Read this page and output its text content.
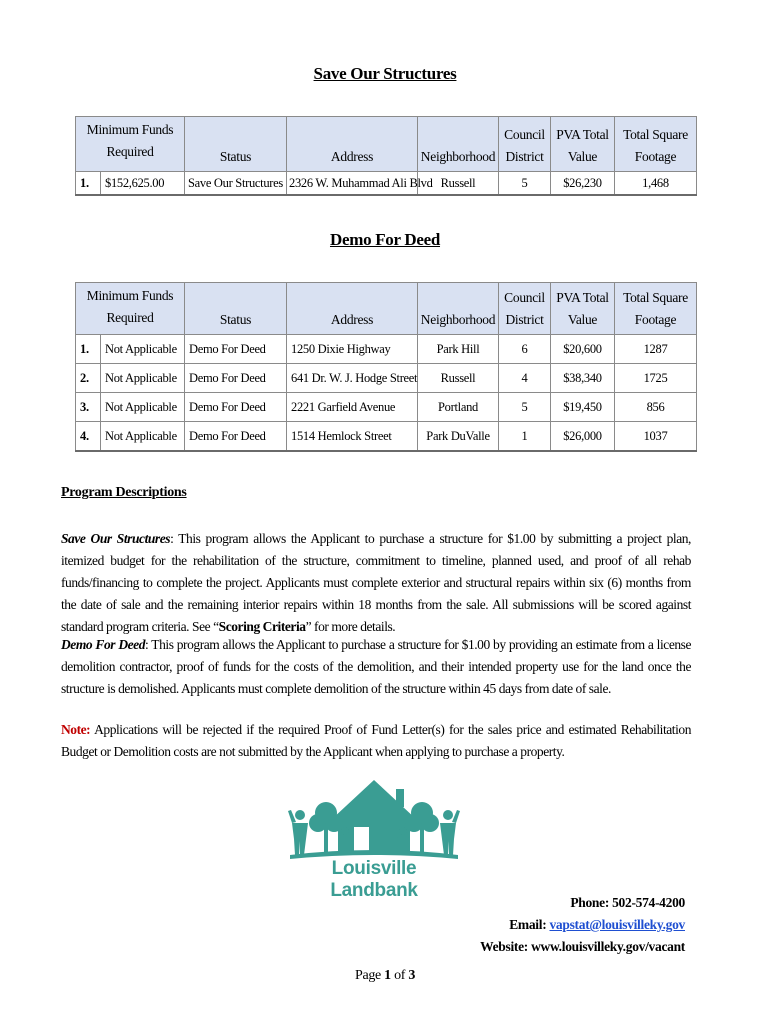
Save Our Structures
Minimum Funds Required		Status	Address	Neighborhood	Council District	PVA Total Value	Total Square Footage
1.	$152,625.00	Save Our Structures	2326 W. Muhammad Ali Blvd	Russell	5	$26,230	1,468
Demo For Deed
Minimum Funds Required		Status	Address	Neighborhood	Council District	PVA Total Value	Total Square Footage
1.	Not Applicable	Demo For Deed	1250 Dixie Highway	Park Hill	6	$20,600	1287
2.	Not Applicable	Demo For Deed	641 Dr. W. J. Hodge Street	Russell	4	$38,340	1725
3.	Not Applicable	Demo For Deed	2221 Garfield Avenue	Portland	5	$19,450	856
4.	Not Applicable	Demo For Deed	1514 Hemlock Street	Park DuValle	1	$26,000	1037
Program Descriptions
Save Our Structures: This program allows the Applicant to purchase a structure for $1.00 by submitting a project plan, itemized budget for the rehabilitation of the structure, commitment to timeline, planned used, and proof of all rehab funds/financing to complete the project. Applicants must complete exterior and structural repairs within six (6) months from the date of sale and the remaining interior repairs within 18 months from the sale. All submissions will be scored against standard program criteria. See “Scoring Criteria” for more details.
Demo For Deed: This program allows the Applicant to purchase a structure for $1.00 by providing an estimate from a license demolition contractor, proof of funds for the costs of the demolition, and their intended property use for the land once the structure is demolished. Applicants must complete demolition of the structure within 45 days from date of sale.
Note: Applications will be rejected if the required Proof of Fund Letter(s) for the sales price and estimated Rehabilitation Budget or Demolition costs are not submitted by the Applicant when applying to purchase a property.
Louisville Landbank
Phone: 502-574-4200
Email: vapstat@louisvilleky.gov
Website: www.louisvilleky.gov/vacant
Page 1 of 3
